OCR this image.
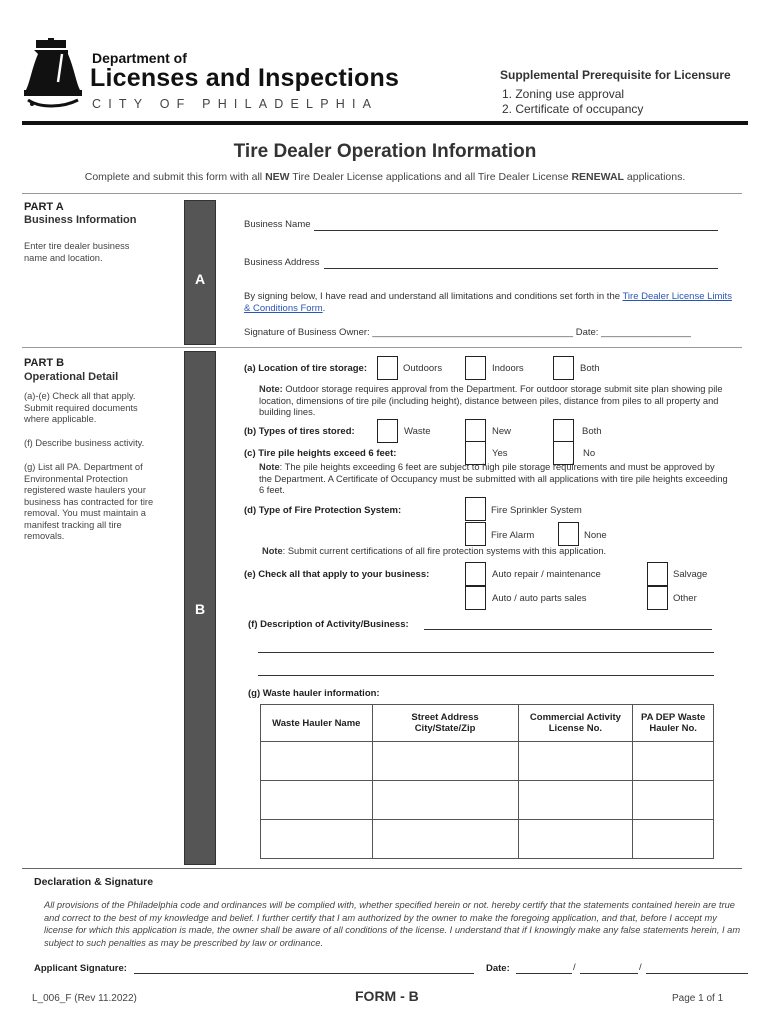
Department of
Licenses and Inspections
CITY OF PHILADELPHIA
Supplemental Prerequisite for Licensure
1. Zoning use approval
2. Certificate of occupancy
Tire Dealer Operation Information
Complete and submit this form with all NEW Tire Dealer License applications and all Tire Dealer License RENEWAL applications.
PART A
Business Information
Enter tire dealer business name and location.
A
Business Name
Business Address
By signing below, I have read and understand all limitations and conditions set forth in the Tire Dealer License Limits & Conditions Form.
Signature of Business Owner: ______________________________________ Date: _________________
PART B
Operational Detail
(a)-(e) Check all that apply. Submit required documents where applicable.
(f) Describe business activity.
(g) List all PA. Department of Environmental Protection registered waste haulers your business has contracted for tire removal. You must maintain a manifest tracking all tire removals.
B
(a) Location of tire storage:	Outdoors	Indoors	Both
Note: Outdoor storage requires approval from the Department. For outdoor storage submit site plan showing pile location, dimensions of tire pile (including height), distance between piles, distance from piles to all property and building lines.
(b) Types of tires stored:	Waste	New	Both
(c) Tire pile heights exceed 6 feet:	Yes	No
Note: The pile heights exceeding 6 feet are subject to high pile storage requirements and must be approved by the Department. A Certificate of Occupancy must be submitted with all applications with tire pile heights exceeding 6 feet.
(d) Type of Fire Protection System:	Fire Sprinkler System
Fire Alarm	None
Note: Submit current certifications of all fire protection systems with this application.
(e) Check all that apply to your business:	Auto repair / maintenance	Salvage
Auto / auto parts sales	Other
(f) Description of Activity/Business:
(g) Waste hauler information:
Waste Hauler Name	Street Address City/State/Zip	Commercial Activity License No.	PA DEP Waste Hauler No.

Declaration & Signature
All provisions of the Philadelphia code and ordinances will be complied with, whether specified herein or not. hereby certify that the statements contained herein are true and correct to the best of my knowledge and belief. I further certify that I am authorized by the owner to make the foregoing application, and that, before I accept my license for which this application is made, the owner shall be aware of all conditions of the license. I understand that if I knowingly make any false statements herein, I am subject to such penalties as may be prescribed by law or ordinance.
Applicant Signature:	Date:	/	/
L_006_F (Rev 11.2022)	FORM - B	Page 1 of 1
